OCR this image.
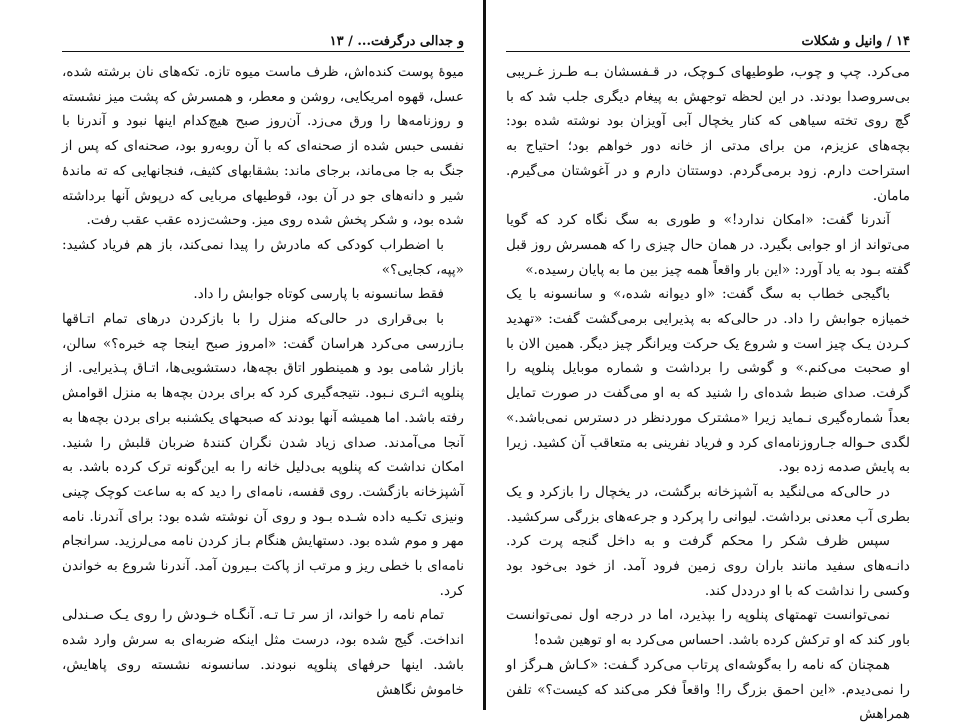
و جدالی درگرفت... / ۱۳

میوهٔ پوست کنده‌اش، ظرف ماست میوه تازه. تکه‌های نان برشته شده، عسل، قهوه امریکایی، روشن و معطر، و همسرش که پشت میز نشسته و روزنامه‌ها را ورق می‌زد. آن‌روز صبح هیچ‌کدام اینها نبود و آندرنا با نفسی حبس شده از صحنه‌ای که با آن روبه‌رو بود، صحنه‌ای که پس از جنگ به جا می‌ماند، برجای ماند: بشقابهای کثیف، فنجانهایی که ته ماندهٔ شیر و دانه‌های جو در آن بود، قوطیهای مربایی که درپوش آنها برداشته شده بود، و شکر پخش شده روی میز. وحشت‌زده عقب عقب رفت.

با اضطراب کودکی که مادرش را پیدا نمی‌کند، باز هم فریاد کشید: «پپه، کجایی؟»

فقط سانسونه با پارسی کوتاه جوابش را داد.

با بی‌قراری در حالی‌که منزل را با بازکردن درهای تمام اتـاقها بـازرسی می‌کرد هراسان گفت: «امروز صبح اینجا چه خبره؟» سالن، بازار شامی بود و همینطور اتاق بچه‌ها، دستشویی‌ها، اتـاق پـذیرایی. از پنلوپه اثـری نـبود. نتیجه‌گیری کرد که برای بردن بچه‌ها به منزل اقوامش رفته باشد. اما همیشه آنها بودند که صبحهای یکشنبه برای بردن بچه‌ها به آنجا می‌آمدند. صدای زیاد شدن نگران کنندهٔ ضربان قلبش را شنید. امکان نداشت که پنلوپه بی‌دلیل خانه را به این‌گونه ترک کرده باشد. به آشپزخانه بازگشت. روی قفسه، نامه‌ای را دید که به ساعت کوچک چینی ونیزی تکـیه داده شـده بـود و روی آن نوشته شده بود: برای آندرنا. نامه مهر و موم شده بود. دستهایش هنگام بـاز کردن نامه می‌لرزید. سرانجام نامه‌ای با خطی ریز و مرتب از پاکت بـیرون آمد. آندرنا شروع به خواندن کرد.

تمام نامه را خواند، از سر تـا تـه. آنگـاه خـودش را روی یـک صـندلی انداخت. گیج شده بود، درست مثل اینکه ضربه‌ای به سرش وارد شده باشد. اینها حرفهای پنلوپه نبودند. سانسونه نشسته روی پاهایش، خاموش نگاهش

۱۴ / وانیل و شکلات

می‌کرد. چپ و چوب، طوطیهای کـوچک، در قـفسشان بـه طـرز غـریبی بی‌سروصدا بودند. در این لحظه توجهش به پیغام دیگری جلب شد که با گچ روی تخته سیاهی که کنار یخچال آبی آویزان بود نوشته شده بود: بچه‌های عزیزم، من برای مدتی از خانه دور خواهم بود؛ احتیاج به استراحت دارم. زود برمی‌گردم. دوستتان دارم و در آغوشتان می‌گیرم. مامان.

آندرنا گفت: «امکان ندارد!» و طوری به سگ نگاه کرد که گویا می‌تواند از او جوابی بگیرد. در همان حال چیزی را که همسرش روز قبل گفته بـود به یاد آورد: «این بار واقعاً همه چیز بین ما به پایان رسیده.»

باگیجی خطاب به سگ گفت: «او دیوانه شده،» و سانسونه با یک خمیازه جوابش را داد. در حالی‌که به پذیرایی برمی‌گشت گفت: «تهدید کـردن یـک چیز است و شروع یک حرکت ویرانگر چیز دیگر. همین الان با او صحبت می‌کنم.» و گوشی را برداشت و شماره موبایل پنلوپه را گرفت. صدای ضبط شده‌ای را شنید که به او می‌گفت در صورت تمایل بعداً شماره‌گیری نـماید زیرا «مشترک موردنظر در دسترس نمی‌باشد.» لگدی حـواله جـاروزنامه‌ای کرد و فریاد نفرینی به متعاقب آن کشید. زیرا به پایش صدمه زده بود.

در حالی‌که می‌لنگید به آشپزخانه برگشت، در یخچال را بازکرد و یک بطری آب معدنی برداشت. لیوانی را پرکرد و جرعه‌های بزرگی سرکشید.

سپس ظرف شکر را محکم گرفت و به داخل گنجه پرت کرد. دانـه‌های سفید مانند باران روی زمین فرود آمد. از خود بی‌خود بود وکسی را نداشت که با او درددل کند.

نمی‌توانست تهمتهای پنلوپه را بپذیرد، اما در درجه اول نمی‌توانست باور کند که او ترکش کرده باشد. احساس می‌کرد به او توهین شده!

همچنان که نامه را به‌گوشه‌ای پرتاب می‌کرد گـفت: «کـاش هـرگز او را نمی‌دیدم. «این احمق بزرگ را! واقعاً فکر می‌کند که کیست؟» تلفن همراهش
